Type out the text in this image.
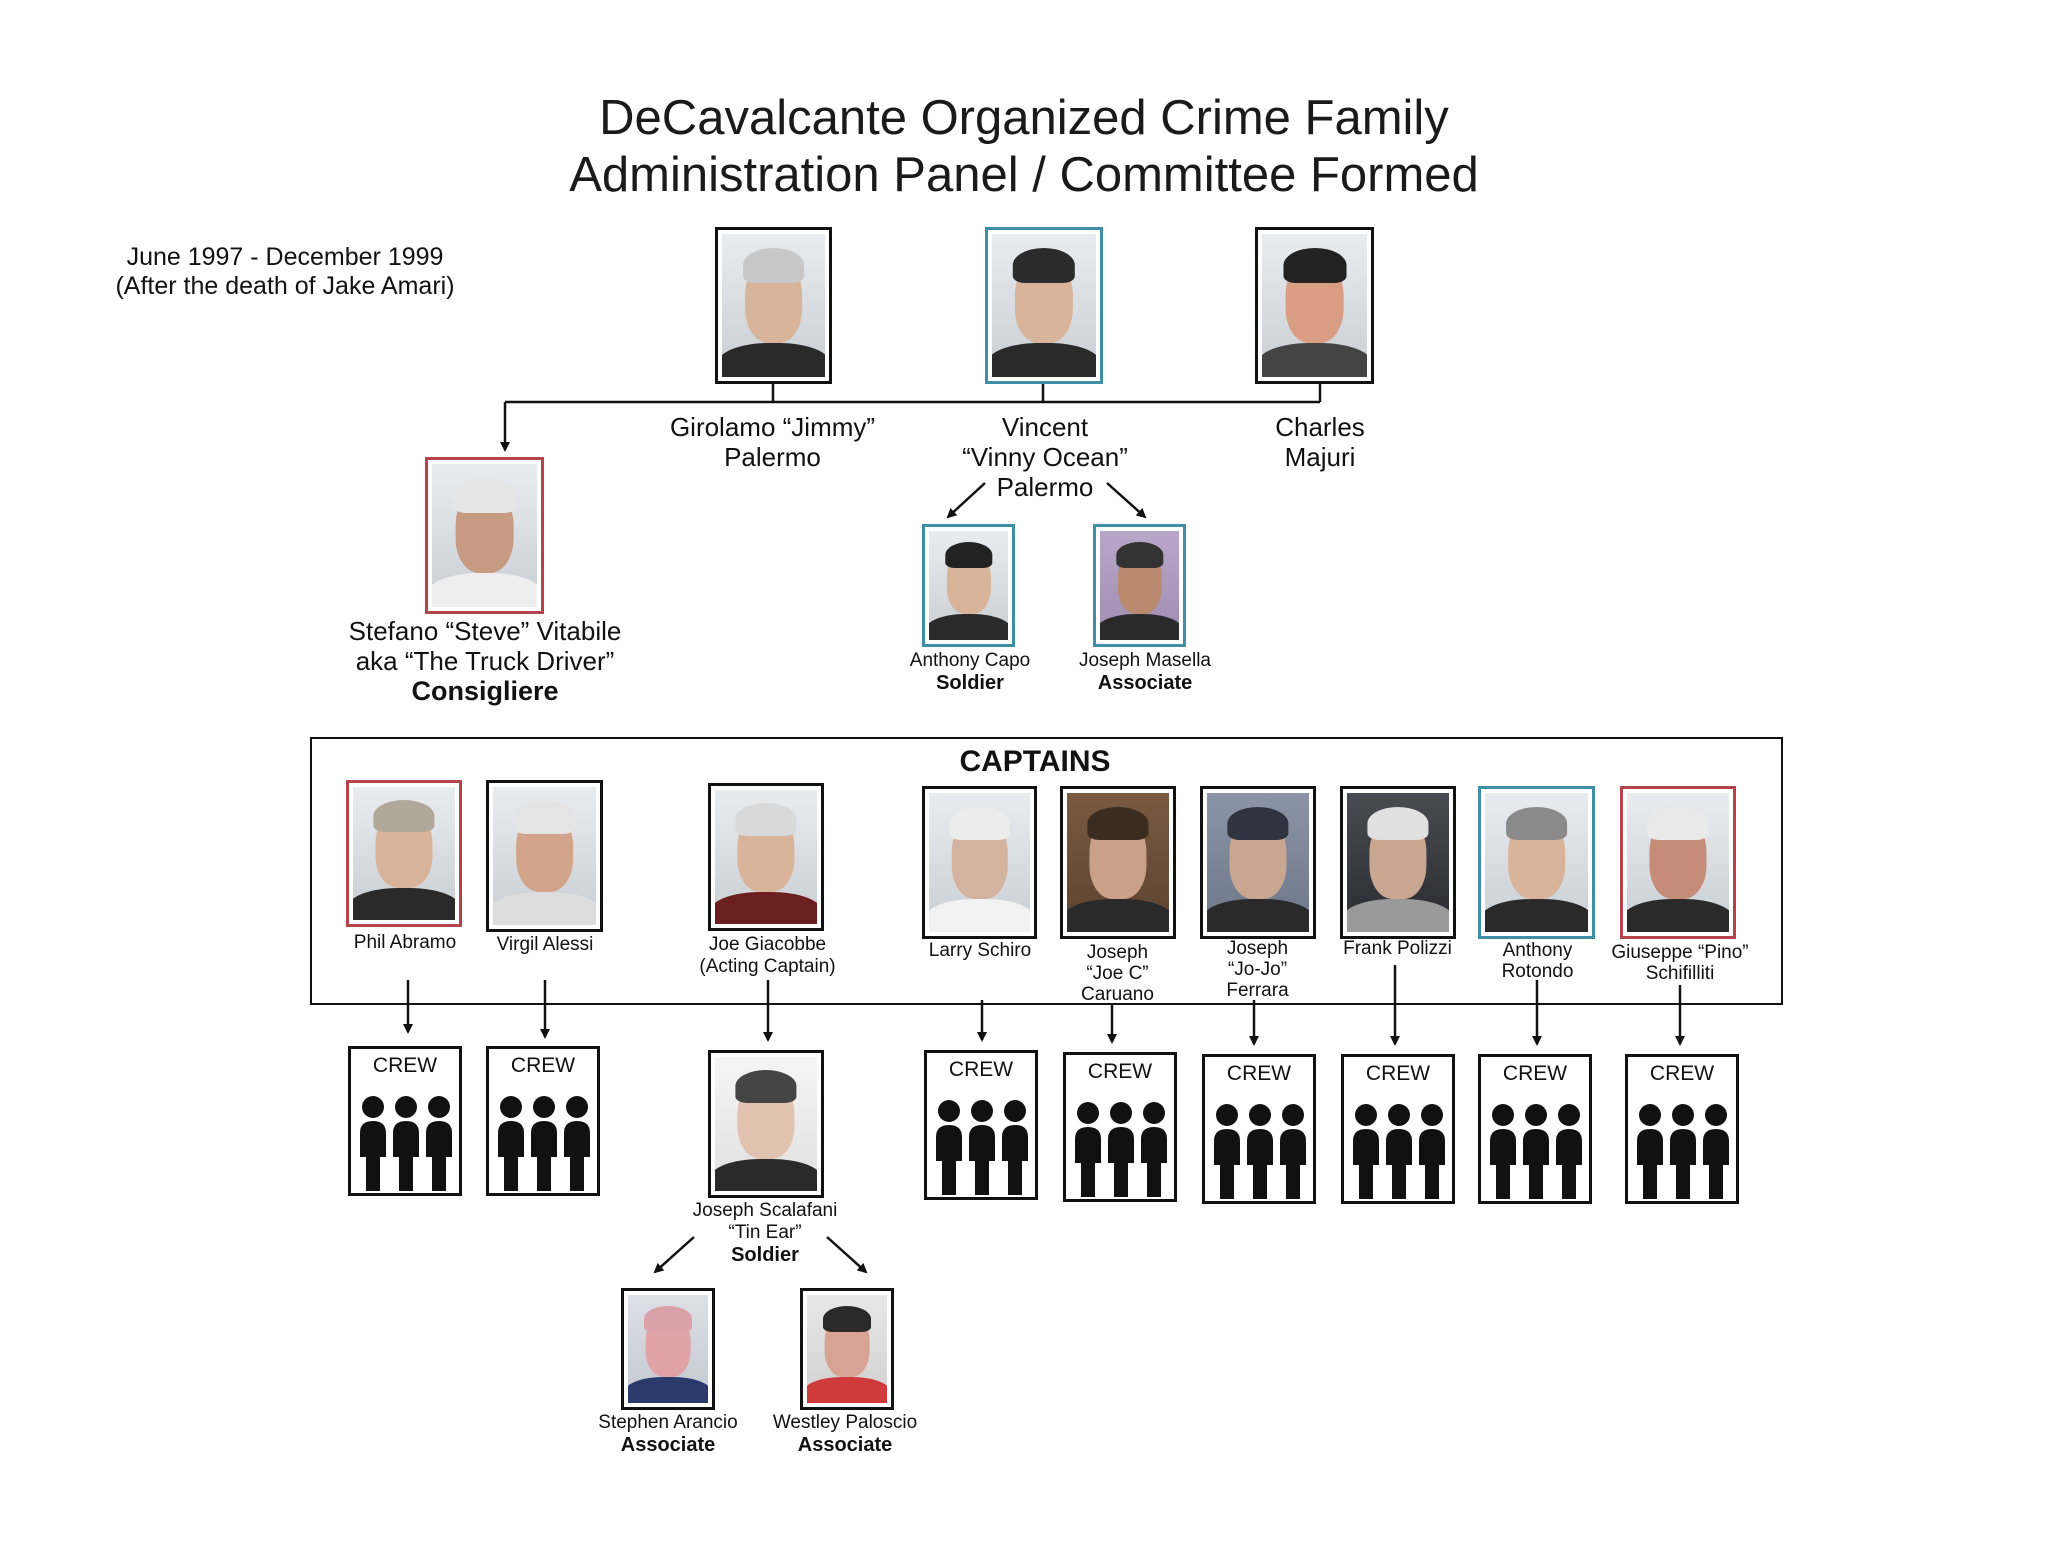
DeCavalcante Organized Crime Family
Administration Panel / Committee Formed
June 1997 - December 1999
(After the death of Jake Amari)
Girolamo “Jimmy”
Palermo
Vincent
“Vinny Ocean”
Palermo
Charles
Majuri
Stefano “Steve” Vitabile
aka “The Truck Driver”
Consigliere
Anthony Capo
Soldier
Joseph Masella
Associate
CAPTAINS
Phil Abramo	Virgil Alessi	Joe Giacobbe
(Acting Captain)
Larry Schiro	Joseph
“Joe C”
Caruano
Joseph
“Jo-Jo”
Ferrara
Frank Polizzi	Anthony
Rotondo
Giuseppe “Pino”
Schifilliti
CREW	CREW	CREW	CREW	CREW	CREW	CREW	CREW
Joseph Scalafani
“Tin Ear”
Soldier
Stephen Arancio
Associate
Westley Paloscio
Associate
